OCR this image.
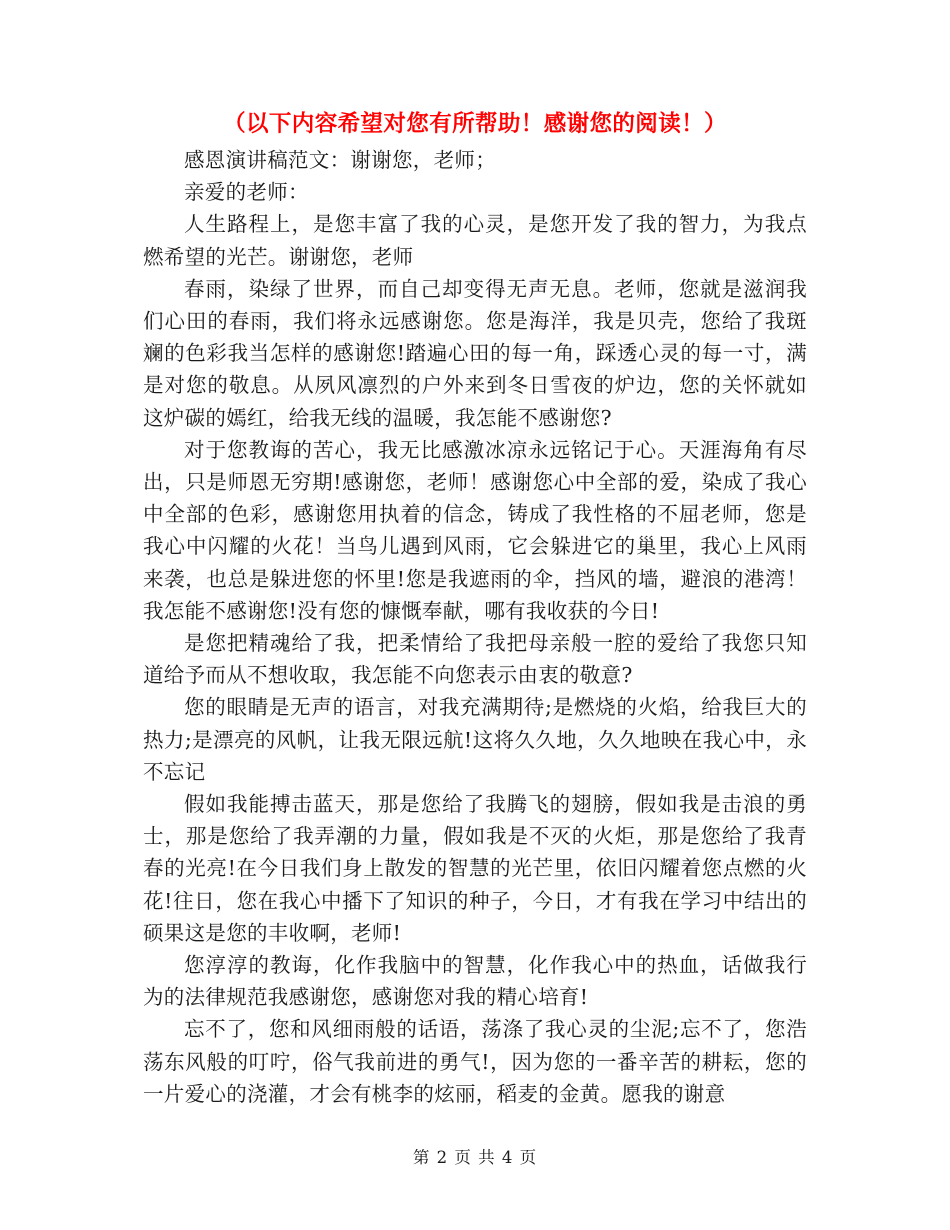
（以下内容希望对您有所帮助！感谢您的阅读！）

感恩演讲稿范文：谢谢您，老师；

亲爱的老师：

人生路程上，是您丰富了我的心灵，是您开发了我的智力，为我点燃希望的光芒。谢谢您，老师

春雨，染绿了世界，而自己却变得无声无息。老师，您就是滋润我们心田的春雨，我们将永远感谢您。您是海洋，我是贝壳，您给了我斑斓的色彩我当怎样的感谢您!踏遍心田的每一角，踩透心灵的每一寸，满是对您的敬息。从夙风凛烈的户外来到冬日雪夜的炉边，您的关怀就如这炉碳的嫣红，给我无线的温暖，我怎能不感谢您?

对于您教诲的苦心，我无比感激冰凉永远铭记于心。天涯海角有尽出，只是师恩无穷期!感谢您，老师！感谢您心中全部的爱，染成了我心中全部的色彩，感谢您用执着的信念，铸成了我性格的不屈老师，您是我心中闪耀的火花！当鸟儿遇到风雨，它会躲进它的巢里，我心上风雨来袭，也总是躲进您的怀里!您是我遮雨的伞，挡风的墙，避浪的港湾！我怎能不感谢您!没有您的慷慨奉献，哪有我收获的今日!

是您把精魂给了我，把柔情给了我把母亲般一腔的爱给了我您只知道给予而从不想收取，我怎能不向您表示由衷的敬意?

您的眼睛是无声的语言，对我充满期待;是燃烧的火焰，给我巨大的热力;是漂亮的风帆，让我无限远航!这将久久地，久久地映在我心中，永不忘记

假如我能搏击蓝天，那是您给了我腾飞的翅膀，假如我是击浪的勇士，那是您给了我弄潮的力量，假如我是不灭的火炬，那是您给了我青春的光亮!在今日我们身上散发的智慧的光芒里，依旧闪耀着您点燃的火花!往日，您在我心中播下了知识的种子，今日，才有我在学习中结出的硕果这是您的丰收啊，老师!

您淳淳的教诲，化作我脑中的智慧，化作我心中的热血，话做我行为的法律规范我感谢您，感谢您对我的精心培育!

忘不了，您和风细雨般的话语，荡涤了我心灵的尘泥;忘不了，您浩荡东风般的叮咛，俗气我前进的勇气!，因为您的一番辛苦的耕耘，您的一片爱心的浇灌，才会有桃李的炫丽，稻麦的金黄。愿我的谢意

第 2 页 共 4 页
